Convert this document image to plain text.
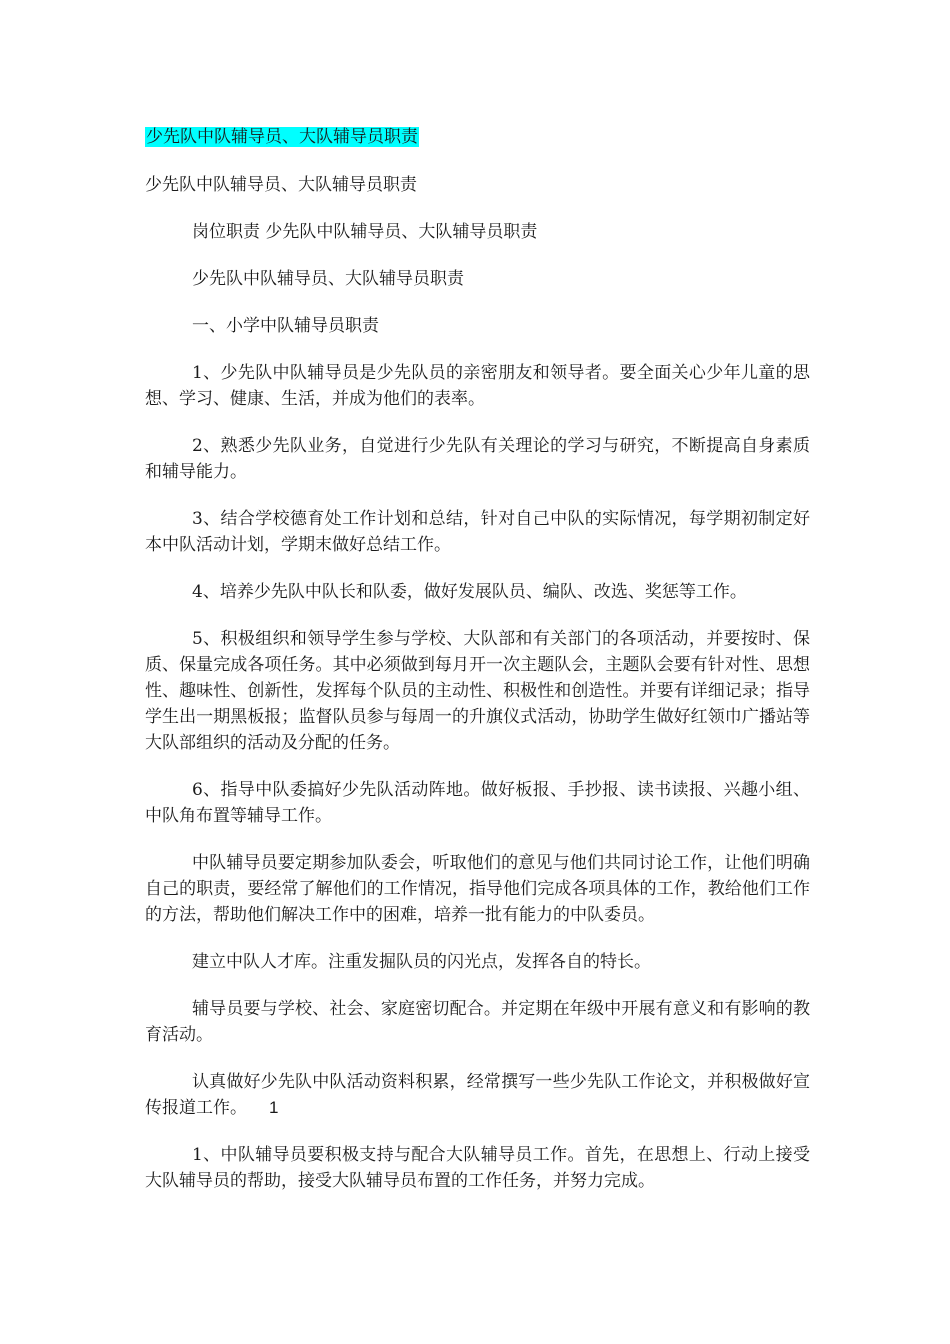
少先队中队辅导员、大队辅导员职责

少先队中队辅导员、大队辅导员职责

岗位职责 少先队中队辅导员、大队辅导员职责

少先队中队辅导员、大队辅导员职责

一、小学中队辅导员职责

1、少先队中队辅导员是少先队员的亲密朋友和领导者。要全面关心少年儿童的思想、学习、健康、生活，并成为他们的表率。

2、熟悉少先队业务，自觉进行少先队有关理论的学习与研究，不断提高自身素质和辅导能力。

3、结合学校德育处工作计划和总结，针对自己中队的实际情况，每学期初制定好本中队活动计划，学期末做好总结工作。

4、培养少先队中队长和队委，做好发展队员、编队、改选、奖惩等工作。

5、积极组织和领导学生参与学校、大队部和有关部门的各项活动，并要按时、保质、保量完成各项任务。其中必须做到每月开一次主题队会，主题队会要有针对性、思想性、趣味性、创新性，发挥每个队员的主动性、积极性和创造性。并要有详细记录；指导学生出一期黑板报；监督队员参与每周一的升旗仪式活动，协助学生做好红领巾广播站等大队部组织的活动及分配的任务。

6、指导中队委搞好少先队活动阵地。做好板报、手抄报、读书读报、兴趣小组、中队角布置等辅导工作。

中队辅导员要定期参加队委会，听取他们的意见与他们共同讨论工作，让他们明确自己的职责，要经常了解他们的工作情况，指导他们完成各项具体的工作，教给他们工作的方法，帮助他们解决工作中的困难，培养一批有能力的中队委员。

建立中队人才库。注重发掘队员的闪光点，发挥各自的特长。

辅导员要与学校、社会、家庭密切配合。并定期在年级中开展有意义和有影响的教育活动。

认真做好少先队中队活动资料积累，经常撰写一些少先队工作论文，并积极做好宣传报道工作。 1

1、中队辅导员要积极支持与配合大队辅导员工作。首先，在思想上、行动上接受大队辅导员的帮助，接受大队辅导员布置的工作任务，并努力完成。
